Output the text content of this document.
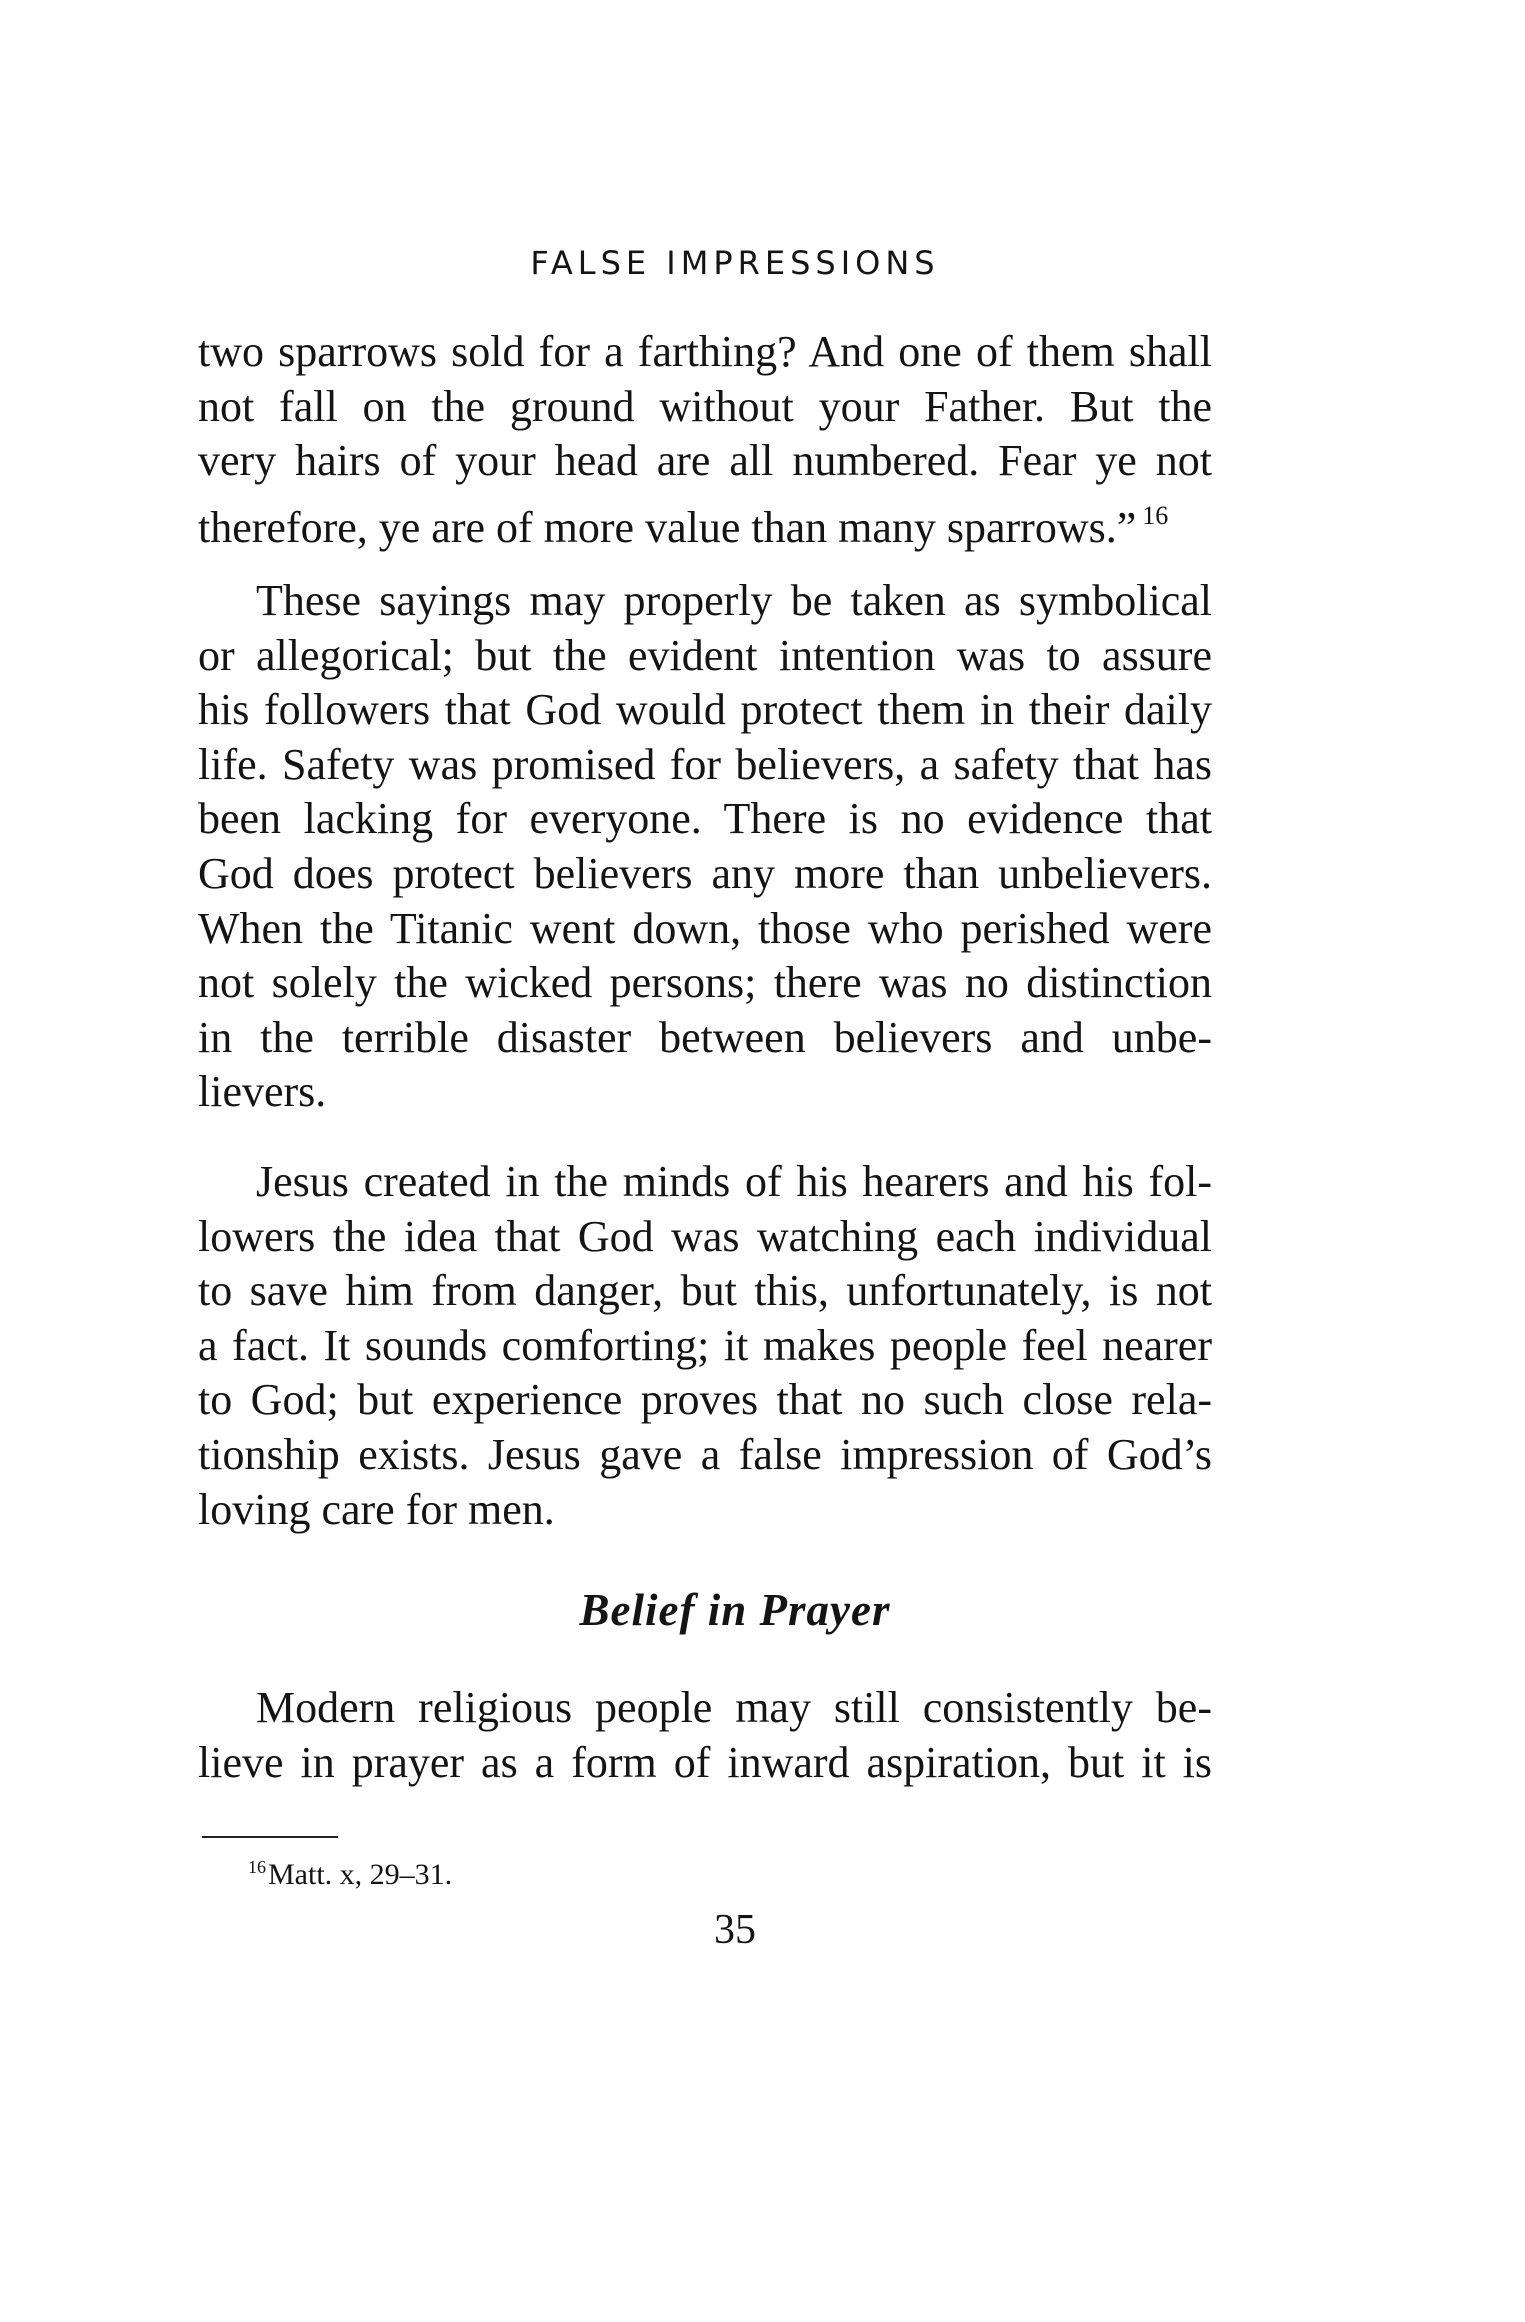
FALSE IMPRESSIONS
two sparrows sold for a farthing? And one of them shall
not fall on the ground without your Father. But the
very hairs of your head are all numbered. Fear ye not
therefore, ye are of more value than many sparrows.” $^{16}$
These sayings may properly be taken as symbolical
or allegorical; but the evident intention was to assure
his followers that God would protect them in their daily
life. Safety was promised for believers, a safety that has
been lacking for everyone. There is no evidence that
God does protect believers any more than unbelievers.
When the Titanic went down, those who perished were
not solely the wicked persons; there was no distinction
in the terrible disaster between believers and unbe-
lievers.
Jesus created in the minds of his hearers and his fol-
lowers the idea that God was watching each individual
to save him from danger, but this, unfortunately, is not
a fact. It sounds comforting; it makes people feel nearer
to God; but experience proves that no such close rela-
tionship exists. Jesus gave a false impression of God’s
loving care for men.
Belief in Prayer
Modern religious people may still consistently be-
lieve in prayer as a form of inward aspiration, but it is
$^{16}$Matt. x, 29–31.
35
